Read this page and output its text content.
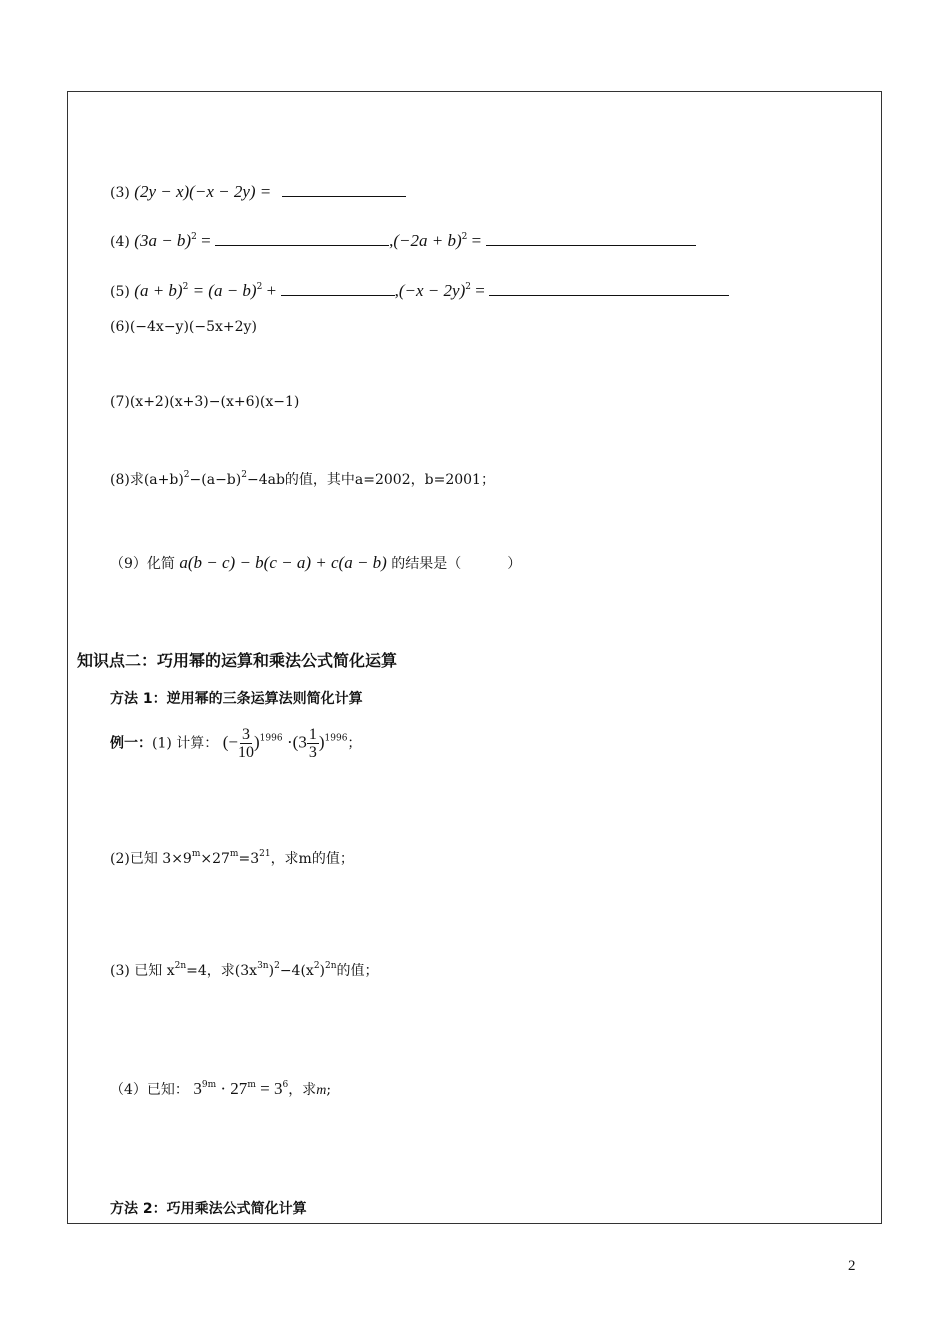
(3) (2y − x)(−x − 2y) =
(4) $(3a - b)^2$ =	$,(-2a + b)^2$ =
(5) $(a + b)^2 = (a - b)^2$ +	$,(-x - 2y)^2$ =
(6)(−4x−y)(−5x+2y)
(7)(x+2)(x+3)−(x+6)(x−1)
(8)求$(a+b)^2-(a-b)^2-4ab$的值，其中a=2002，b=2001；
（9）化简 a(b − c) − b(c − a) + c(a − b) 的结果是（	）
知识点二：巧用幂的运算和乘法公式简化运算
方法 1：逆用幂的三条运算法则简化计算
例一：(1) 计算： (− $\frac{3}{10} )^{1996} \cdot(3 \frac{1}{3} )^{1996}$；
(2)已知 $3\times 9^m\times 27^m=3^{21}$，求m的值；
(3) 已知 $x^{2n}=4$，求$(3x^{3n})^2-4(x^2)^{2n}$的值；
（4）已知： $3^{9m} \cdot 27^m = 3^6$，求m;
方法 2：巧用乘法公式简化计算
2
